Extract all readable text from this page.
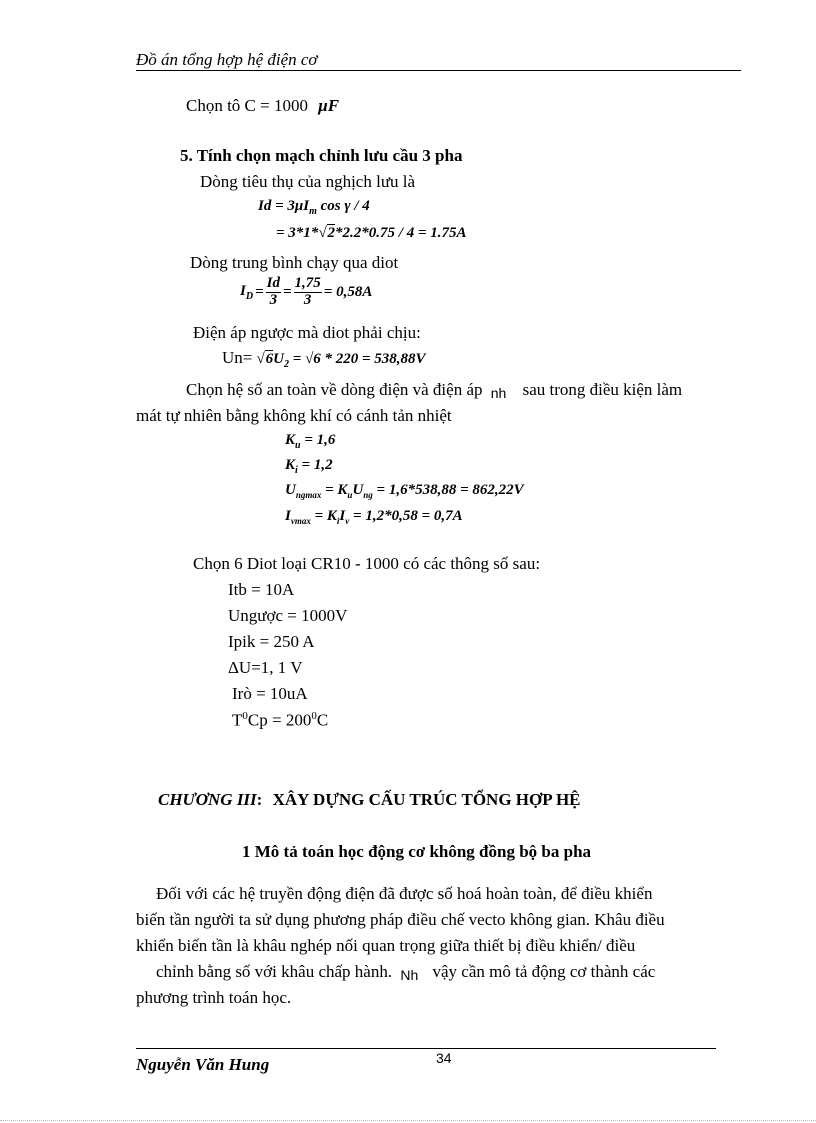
Đồ án tổng hợp hệ điện cơ
Chọn tô C = 1000 μF
5. Tính chọn mạch chỉnh lưu cầu 3 pha
Dòng tiêu thụ của nghịch lưu là
$Id = 3\mu I_m$ cos γ / 4
= 3*1*√2*2.2*0.75 / 4 = 1.75A
Dòng trung bình chạy qua diot
$I_D = \frac{Id}{3} = \frac{1,75}{3} = 0,58A$
Điện áp ngược mà diot phải chịu:
$Un= √6U_2 = √6 * 220 = 538,88V$
Chọn hệ số an toàn về dòng điện và điện áp nh sau trong điều kiện làm
mát tự nhiên bằng không khí có cánh tản nhiệt
$K_u = 1,6$
$K_i = 1,2$
$U_{ngmax} = K_uU_{ng} = 1,6*538,88 = 862,22V$
$I_{vmax} = K_iI_v = 1,2*0,58 = 0,7A$
Chọn 6 Diot loại CR10 - 1000 có các thông số sau:
Itb = 10A
Ungược = 1000V
Ipik = 250 A
ΔU=1, 1 V
Irò = 10uA
$T^0Cp = 200^0C$
CHƯƠNG III: XÂY DỰNG CẤU TRÚC TỔNG HỢP HỆ
1 Mô tả toán học động cơ không đồng bộ ba pha
Đối với các hệ truyền động điện đã được số hoá hoàn toàn, để điều khiển
biến tần người ta sử dụng phương pháp điều chế vecto không gian. Khâu điều
khiển biến tần là khâu nghép nối quan trọng giữa thiết bị điều khiển/ điều
chỉnh bằng số với khâu chấp hành. Nh vậy cần mô tả động cơ thành các
phương trình toán học.
34
Nguyễn Văn Hung
